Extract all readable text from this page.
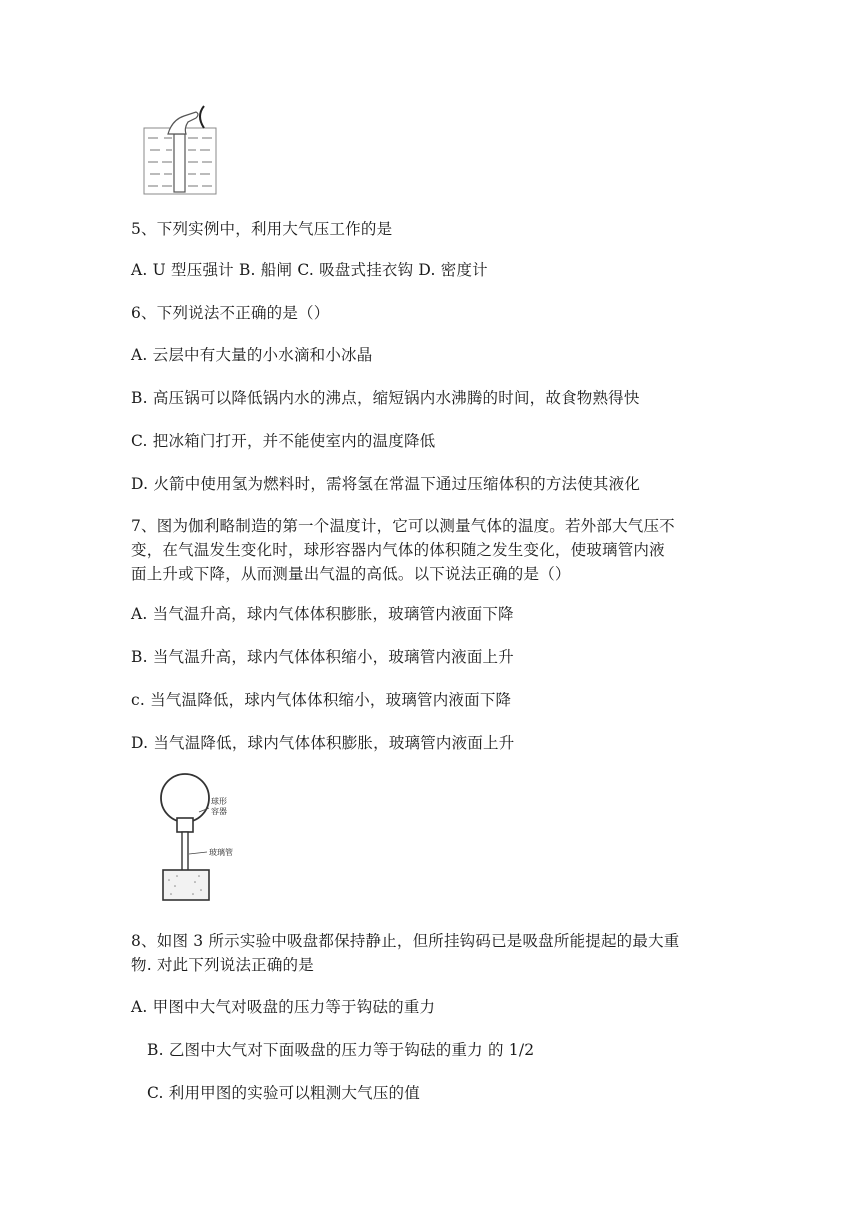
5、下列实例中，利用大气压工作的是
A. U 型压强计 B. 船闸 C. 吸盘式挂衣钩 D. 密度计
6、下列说法不正确的是（）
A. 云层中有大量的小水滴和小冰晶
B. 高压锅可以降低锅内水的沸点，缩短锅内水沸腾的时间，故食物熟得快
C. 把冰箱门打开，并不能使室内的温度降低
D. 火箭中使用氢为燃料时，需将氢在常温下通过压缩体积的方法使其液化
7、图为伽利略制造的第一个温度计，它可以测量气体的温度。若外部大气压不
变，在气温发生变化时，球形容器内气体的体积随之发生变化，使玻璃管内液
面上升或下降，从而测量出气温的高低。以下说法正确的是（）
A. 当气温升高，球内气体体积膨胀，玻璃管内液面下降
B. 当气温升高，球内气体体积缩小，玻璃管内液面上升
c. 当气温降低，球内气体体积缩小，玻璃管内液面下降
D. 当气温降低，球内气体体积膨胀，玻璃管内液面上升
球形
容器
玻璃管
8、如图 3 所示实验中吸盘都保持静止，但所挂钩码已是吸盘所能提起的最大重
物. 对此下列说法正确的是
A. 甲图中大气对吸盘的压力等于钩砝的重力
B. 乙图中大气对下面吸盘的压力等于钩砝的重力 的 1/2
C. 利用甲图的实验可以粗测大气压的值
